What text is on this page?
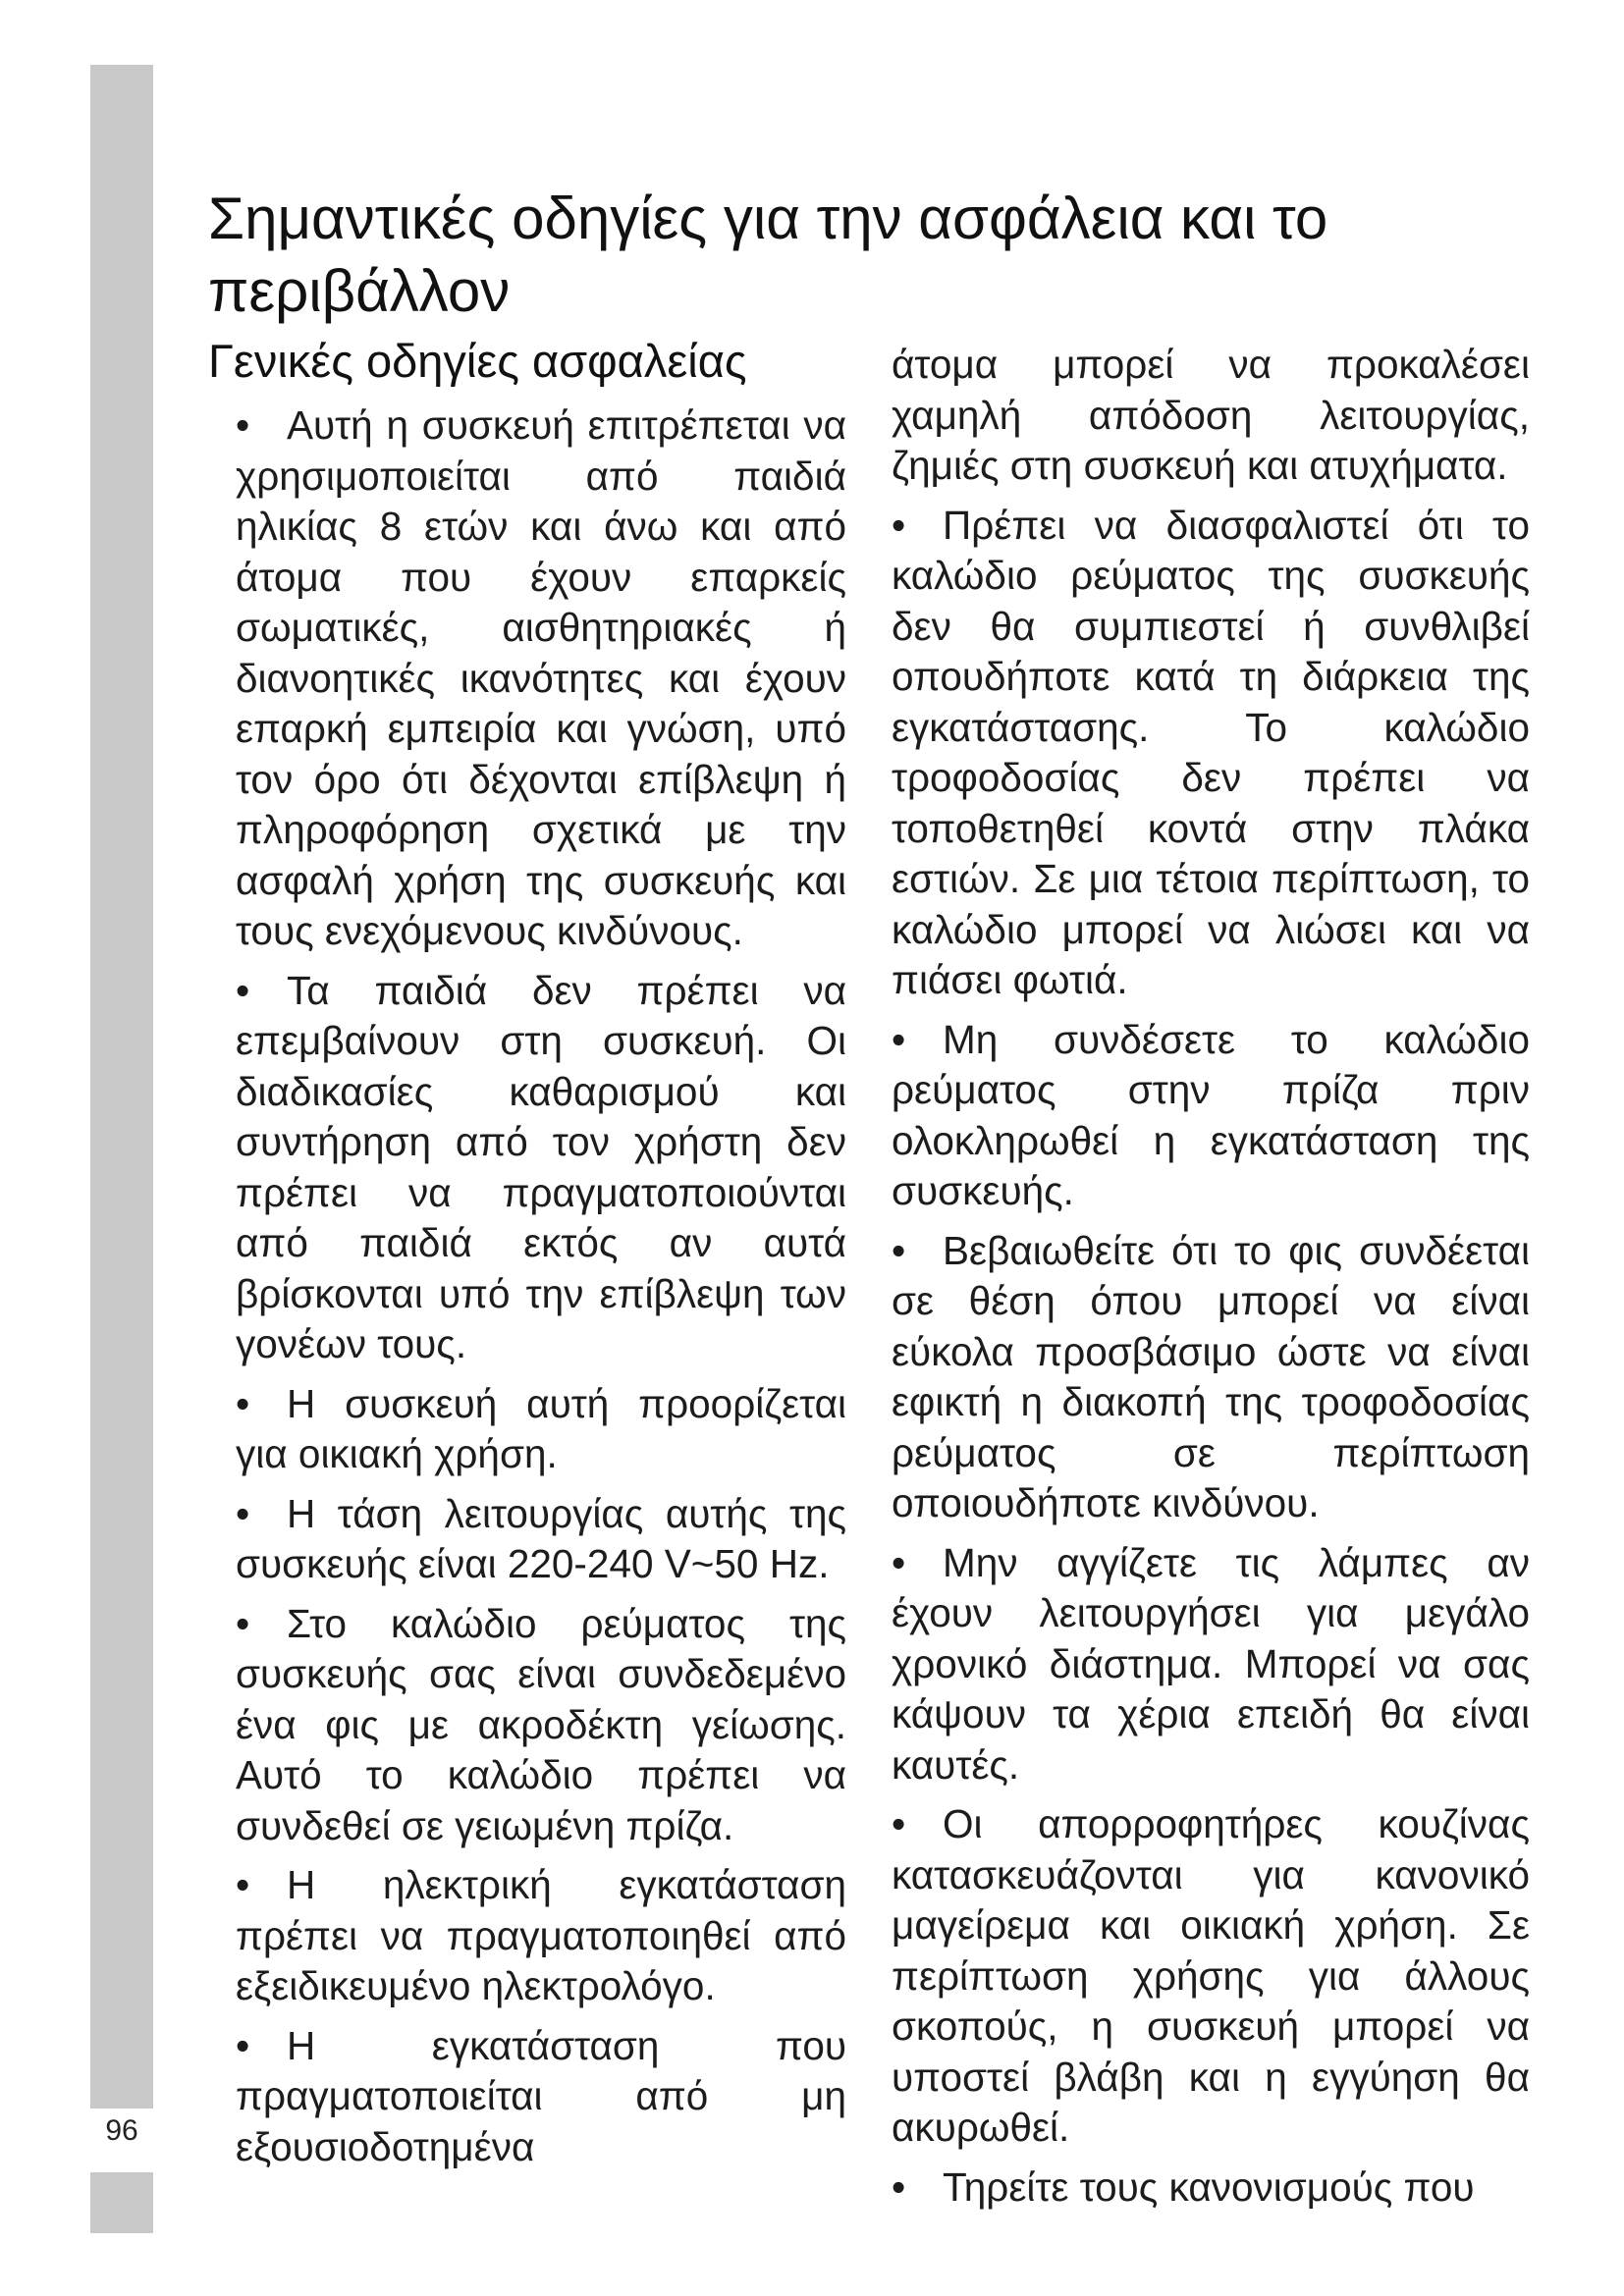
96
Σημαντικές οδηγίες για την ασφάλεια και το περιβάλλον
Γενικές οδηγίες ασφαλείας

• Αυτή η συσκευή επιτρέπεται να χρησιμοποιείται από παιδιά ηλικίας 8 ετών και άνω και από άτομα που έχουν επαρκείς σωματικές, αισθητηριακές ή διανοητικές ικανότητες και έχουν επαρκή εμπειρία και γνώση, υπό τον όρο ότι δέχονται επίβλεψη ή πληροφόρηση σχετικά με την ασφαλή χρήση της συσκευής και τους ενεχόμενους κινδύνους.

• Τα παιδιά δεν πρέπει να επεμβαίνουν στη συσκευή. Οι διαδικασίες καθαρισμού και συντήρηση από τον χρήστη δεν πρέπει να πραγματοποιούνται από παιδιά εκτός αν αυτά βρίσκονται υπό την επίβλεψη των γονέων τους.

• Η συσκευή αυτή προορίζεται για οικιακή χρήση.

• Η τάση λειτουργίας αυτής της συσκευής είναι 220-240 V~50 Hz.

• Στο καλώδιο ρεύματος της συσκευής σας είναι συνδεδεμένο ένα φις με ακροδέκτη γείωσης. Αυτό το καλώδιο πρέπει να συνδεθεί σε γειωμένη πρίζα.

• Η ηλεκτρική εγκατάσταση πρέπει να πραγματοποιηθεί από εξειδικευμένο ηλεκτρολόγο.

• Η εγκατάσταση που πραγματοποιείται από μη εξουσιοδοτημένα

άτομα μπορεί να προκαλέσει χαμηλή απόδοση λειτουργίας, ζημιές στη συσκευή και ατυχήματα.

• Πρέπει να διασφαλιστεί ότι το καλώδιο ρεύματος της συσκευής δεν θα συμπιεστεί ή συνθλιβεί οπουδήποτε κατά τη διάρκεια της εγκατάστασης. Το καλώδιο τροφοδοσίας δεν πρέπει να τοποθετηθεί κοντά στην πλάκα εστιών. Σε μια τέτοια περίπτωση, το καλώδιο μπορεί να λιώσει και να πιάσει φωτιά.

• Μη συνδέσετε το καλώδιο ρεύματος στην πρίζα πριν ολοκληρωθεί η εγκατάσταση της συσκευής.

• Βεβαιωθείτε ότι το φις συνδέεται σε θέση όπου μπορεί να είναι εύκολα προσβάσιμο ώστε να είναι εφικτή η διακοπή της τροφοδοσίας ρεύματος σε περίπτωση οποιουδήποτε κινδύνου.

• Μην αγγίζετε τις λάμπες αν έχουν λειτουργήσει για μεγάλο χρονικό διάστημα. Μπορεί να σας κάψουν τα χέρια επειδή θα είναι καυτές.

• Οι απορροφητήρες κουζίνας κατασκευάζονται για κανονικό μαγείρεμα και οικιακή χρήση. Σε περίπτωση χρήσης για άλλους σκοπούς, η συσκευή μπορεί να υποστεί βλάβη και η εγγύηση θα ακυρωθεί.

• Τηρείτε τους κανονισμούς που
